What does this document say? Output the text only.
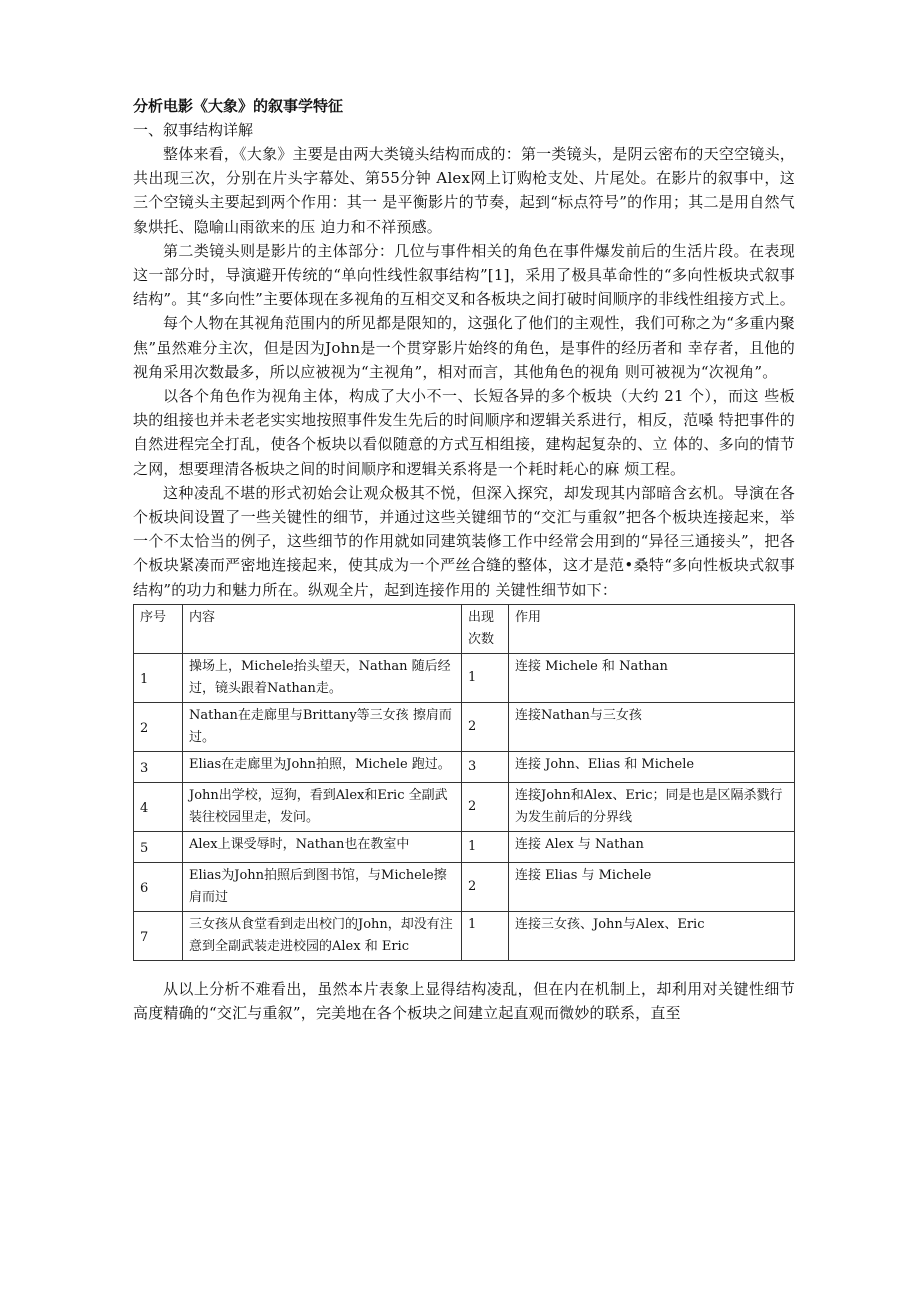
分析电影《大象》的叙事学特征

一、叙事结构详解

整体来看，《大象》主要是由两大类镜头结构而成的：第一类镜头，是阴云密布的天空空镜头，共出现三次，分别在片头字幕处、第55分钟 Alex网上订购枪支处、片尾处。在影片的叙事中，这三个空镜头主要起到两个作用：其一 是平衡影片的节奏，起到“标点符号”的作用；其二是用自然气象烘托、隐喻山雨欲来的压 迫力和不祥预感。

第二类镜头则是影片的主体部分：几位与事件相关的角色在事件爆发前后的生活片段。在表现这一部分时，导演避开传统的“单向性线性叙事结构”[1]，采用了极具革命性的“多向性板块式叙事结构”。其“多向性”主要体现在多视角的互相交叉和各板块之间打破时间顺序的非线性组接方式上。

每个人物在其视角范围内的所见都是限知的，这强化了他们的主观性，我们可称之为“多重内聚焦”虽然难分主次，但是因为John是一个贯穿影片始终的角色，是事件的经历者和 幸存者，且他的视角采用次数最多，所以应被视为“主视角”，相对而言，其他角色的视角 则可被视为“次视角”。

以各个角色作为视角主体，构成了大小不一、长短各异的多个板块（大约 21 个），而这 些板块的组接也并未老老实实地按照事件发生先后的时间顺序和逻辑关系进行，相反，范嗓 特把事件的自然进程完全打乱，使各个板块以看似随意的方式互相组接，建构起复杂的、立 体的、多向的情节之网，想要理清各板块之间的时间顺序和逻辑关系将是一个耗时耗心的麻 烦工程。

这种凌乱不堪的形式初始会让观众极其不悦，但深入探究，却发现其内部暗含玄机。导演在各个板块间设置了一些关键性的细节，并通过这些关键细节的“交汇与重叙”把各个板块连接起来，举一个不太恰当的例子，这些细节的作用就如同建筑装修工作中经常会用到的“异径三通接头”，把各个板块紧凑而严密地连接起来，使其成为一个严丝合缝的整体，这才是范•桑特“多向性板块式叙事结构”的功力和魅力所在。纵观全片，起到连接作用的 关键性细节如下：

序号	内容	出现次数	作用
1	操场上，Michele抬头望天，Nathan 随后经过，镜头跟着Nathan走。	1	连接 Michele 和 Nathan
2	Nathan在走廊里与Brittany等三女孩 擦肩而过。	2	连接Nathan与三女孩
3	Elias在走廊里为John拍照，Michele 跑过。	3	连接 John、Elias 和 Michele
4	John出学校，逗狗，看到Alex和Eric 全副武装往校园里走，发问。	2	连接John和Alex、Eric；同是也是区隔杀戮行为发生前后的分界线
5	Alex上课受辱时，Nathan也在教室中	1	连接 Alex 与 Nathan
6	Elias为John拍照后到图书馆，与Michele擦肩而过	2	连接 Elias 与 Michele
7	三女孩从食堂看到走出校门的John，却没有注意到全副武装走进校园的Alex 和 Eric	1	连接三女孩、John与Alex、Eric

从以上分析不难看出，虽然本片表象上显得结构凌乱，但在内在机制上，却利用对关键性细节高度精确的“交汇与重叙”，完美地在各个板块之间建立起直观而微妙的联系，直至
